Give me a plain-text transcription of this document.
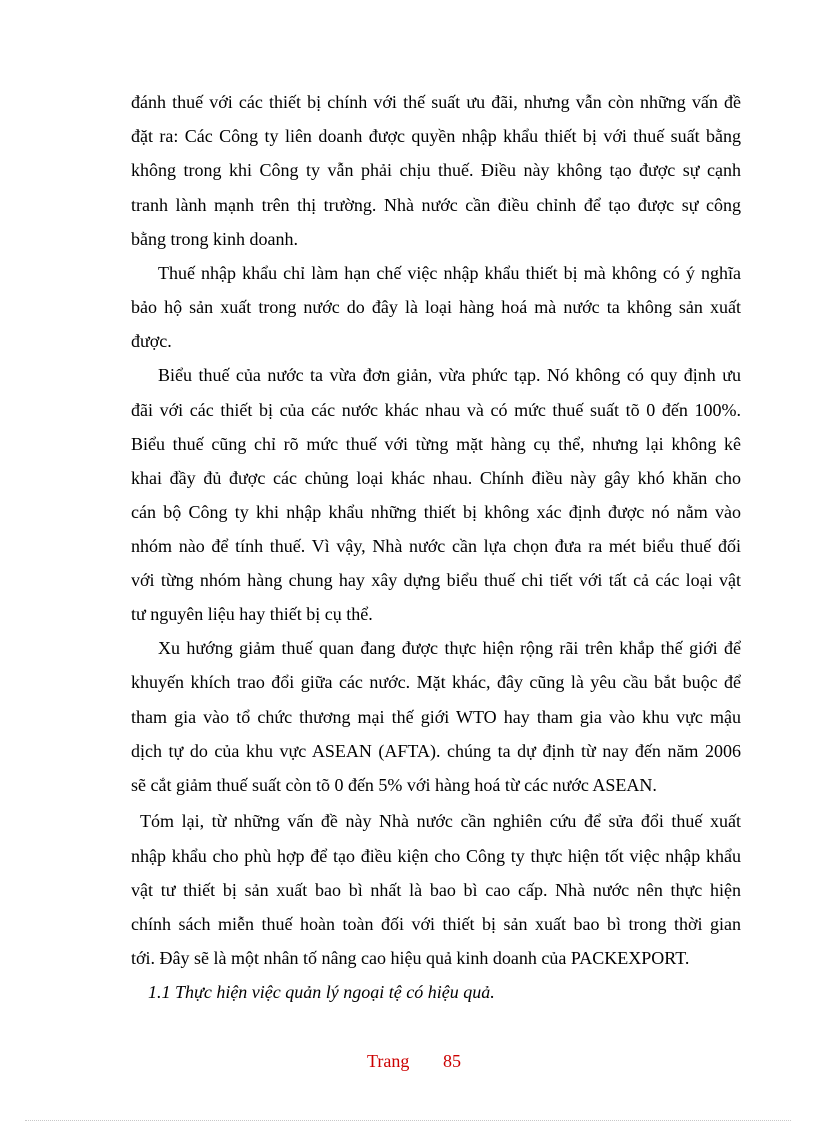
đánh thuế với các thiết bị chính với thế suất ưu đãi, nhưng vẫn còn những vấn đề
đặt ra: Các Công ty liên doanh được quyền nhập khẩu thiết bị với thuế suất bằng
không trong khi Công ty vẫn phải chịu thuế. Điều này không tạo được sự cạnh
tranh lành mạnh trên thị trường. Nhà nước cần điều chỉnh để tạo được sự công
bằng trong kinh doanh.
Thuế nhập khẩu chỉ làm hạn chế việc nhập khẩu thiết bị mà không có ý nghĩa
bảo hộ sản xuất trong nước do đây là loại hàng hoá mà nước ta không sản xuất
được.
Biểu thuế của nước ta vừa đơn giản, vừa phức tạp. Nó không có quy định ưu
đãi với các thiết bị của các nước khác nhau và có mức thuế suất tõ 0 đến 100%.
Biểu thuế cũng chỉ rõ mức thuế với từng mặt hàng cụ thể, nhưng lại không kê
khai đầy đủ được các chủng loại khác nhau. Chính điều này gây khó khăn cho
cán bộ Công ty khi nhập khẩu những thiết bị không xác định được nó nằm vào
nhóm nào để tính thuế. Vì vậy, Nhà nước cần lựa chọn đưa ra mét biểu thuế đối
với từng nhóm hàng chung hay xây dựng biểu thuế chi tiết với tất cả các loại vật
tư nguyên liệu hay thiết bị cụ thể.
Xu hướng giảm thuế quan đang được thực hiện rộng rãi trên khắp thế giới để
khuyến khích trao đổi giữa các nước. Mặt khác, đây cũng là yêu cầu bắt buộc để
tham gia vào tổ chức thương mại thế giới WTO hay tham gia vào khu vực mậu
dịch tự do của khu vực ASEAN (AFTA). chúng ta dự định từ nay đến năm 2006
sẽ cắt giảm thuế suất còn tõ 0 đến 5% với hàng hoá từ các nước ASEAN.
Tóm lại, từ những vấn đề này Nhà nước cần nghiên cứu để sửa đổi thuế xuất
nhập khẩu cho phù hợp để tạo điều kiện cho Công ty thực hiện tốt việc nhập khẩu
vật tư thiết bị sản xuất bao bì nhất là bao bì cao cấp. Nhà nước nên thực hiện
chính sách miễn thuế hoàn toàn đối với thiết bị sản xuất bao bì trong thời gian
tới. Đây sẽ là một nhân tố nâng cao hiệu quả kinh doanh của PACKEXPORT.
1.1 Thực hiện việc quản lý ngoại tệ có hiệu quả.
Trang 85
